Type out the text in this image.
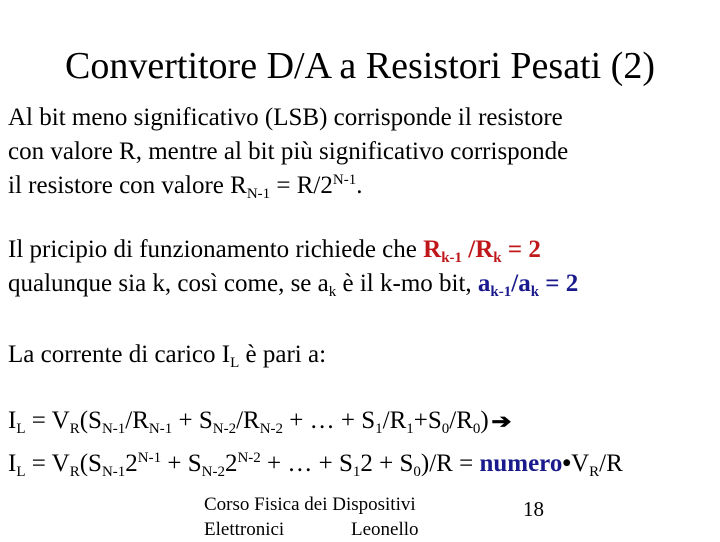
Convertitore D/A a Resistori Pesati (2)
Al bit meno significativo (LSB) corrisponde il resistore
con valore R, mentre al bit più significativo corrisponde
il resistore con valore $R_{N-1} = R/2^{N-1}$.
Il pricipio di funzionamento richiede che $R_{k-1}$ $/R_k = 2$
qualunque sia k, così come, se $a_k$ è il k-mo bit, $a_{k-1}/a_k = 2$
La corrente di carico $I_L$ è pari a:
$I_L = V_R(S_{N-1}/R_{N-1} + S_{N-2}/R_{N-2}$ + … + $S_1/R_1+S_0/R_0$) ➔
$I_L = V_R(S_{N-1}2^{N-1} + S_{N-2}2^{N-2}$ + … + $S_12 + S_0)/R$ = $numero•V_R/R$
Corso Fisica dei Dispositivi
Elettronici	Leonello
18
